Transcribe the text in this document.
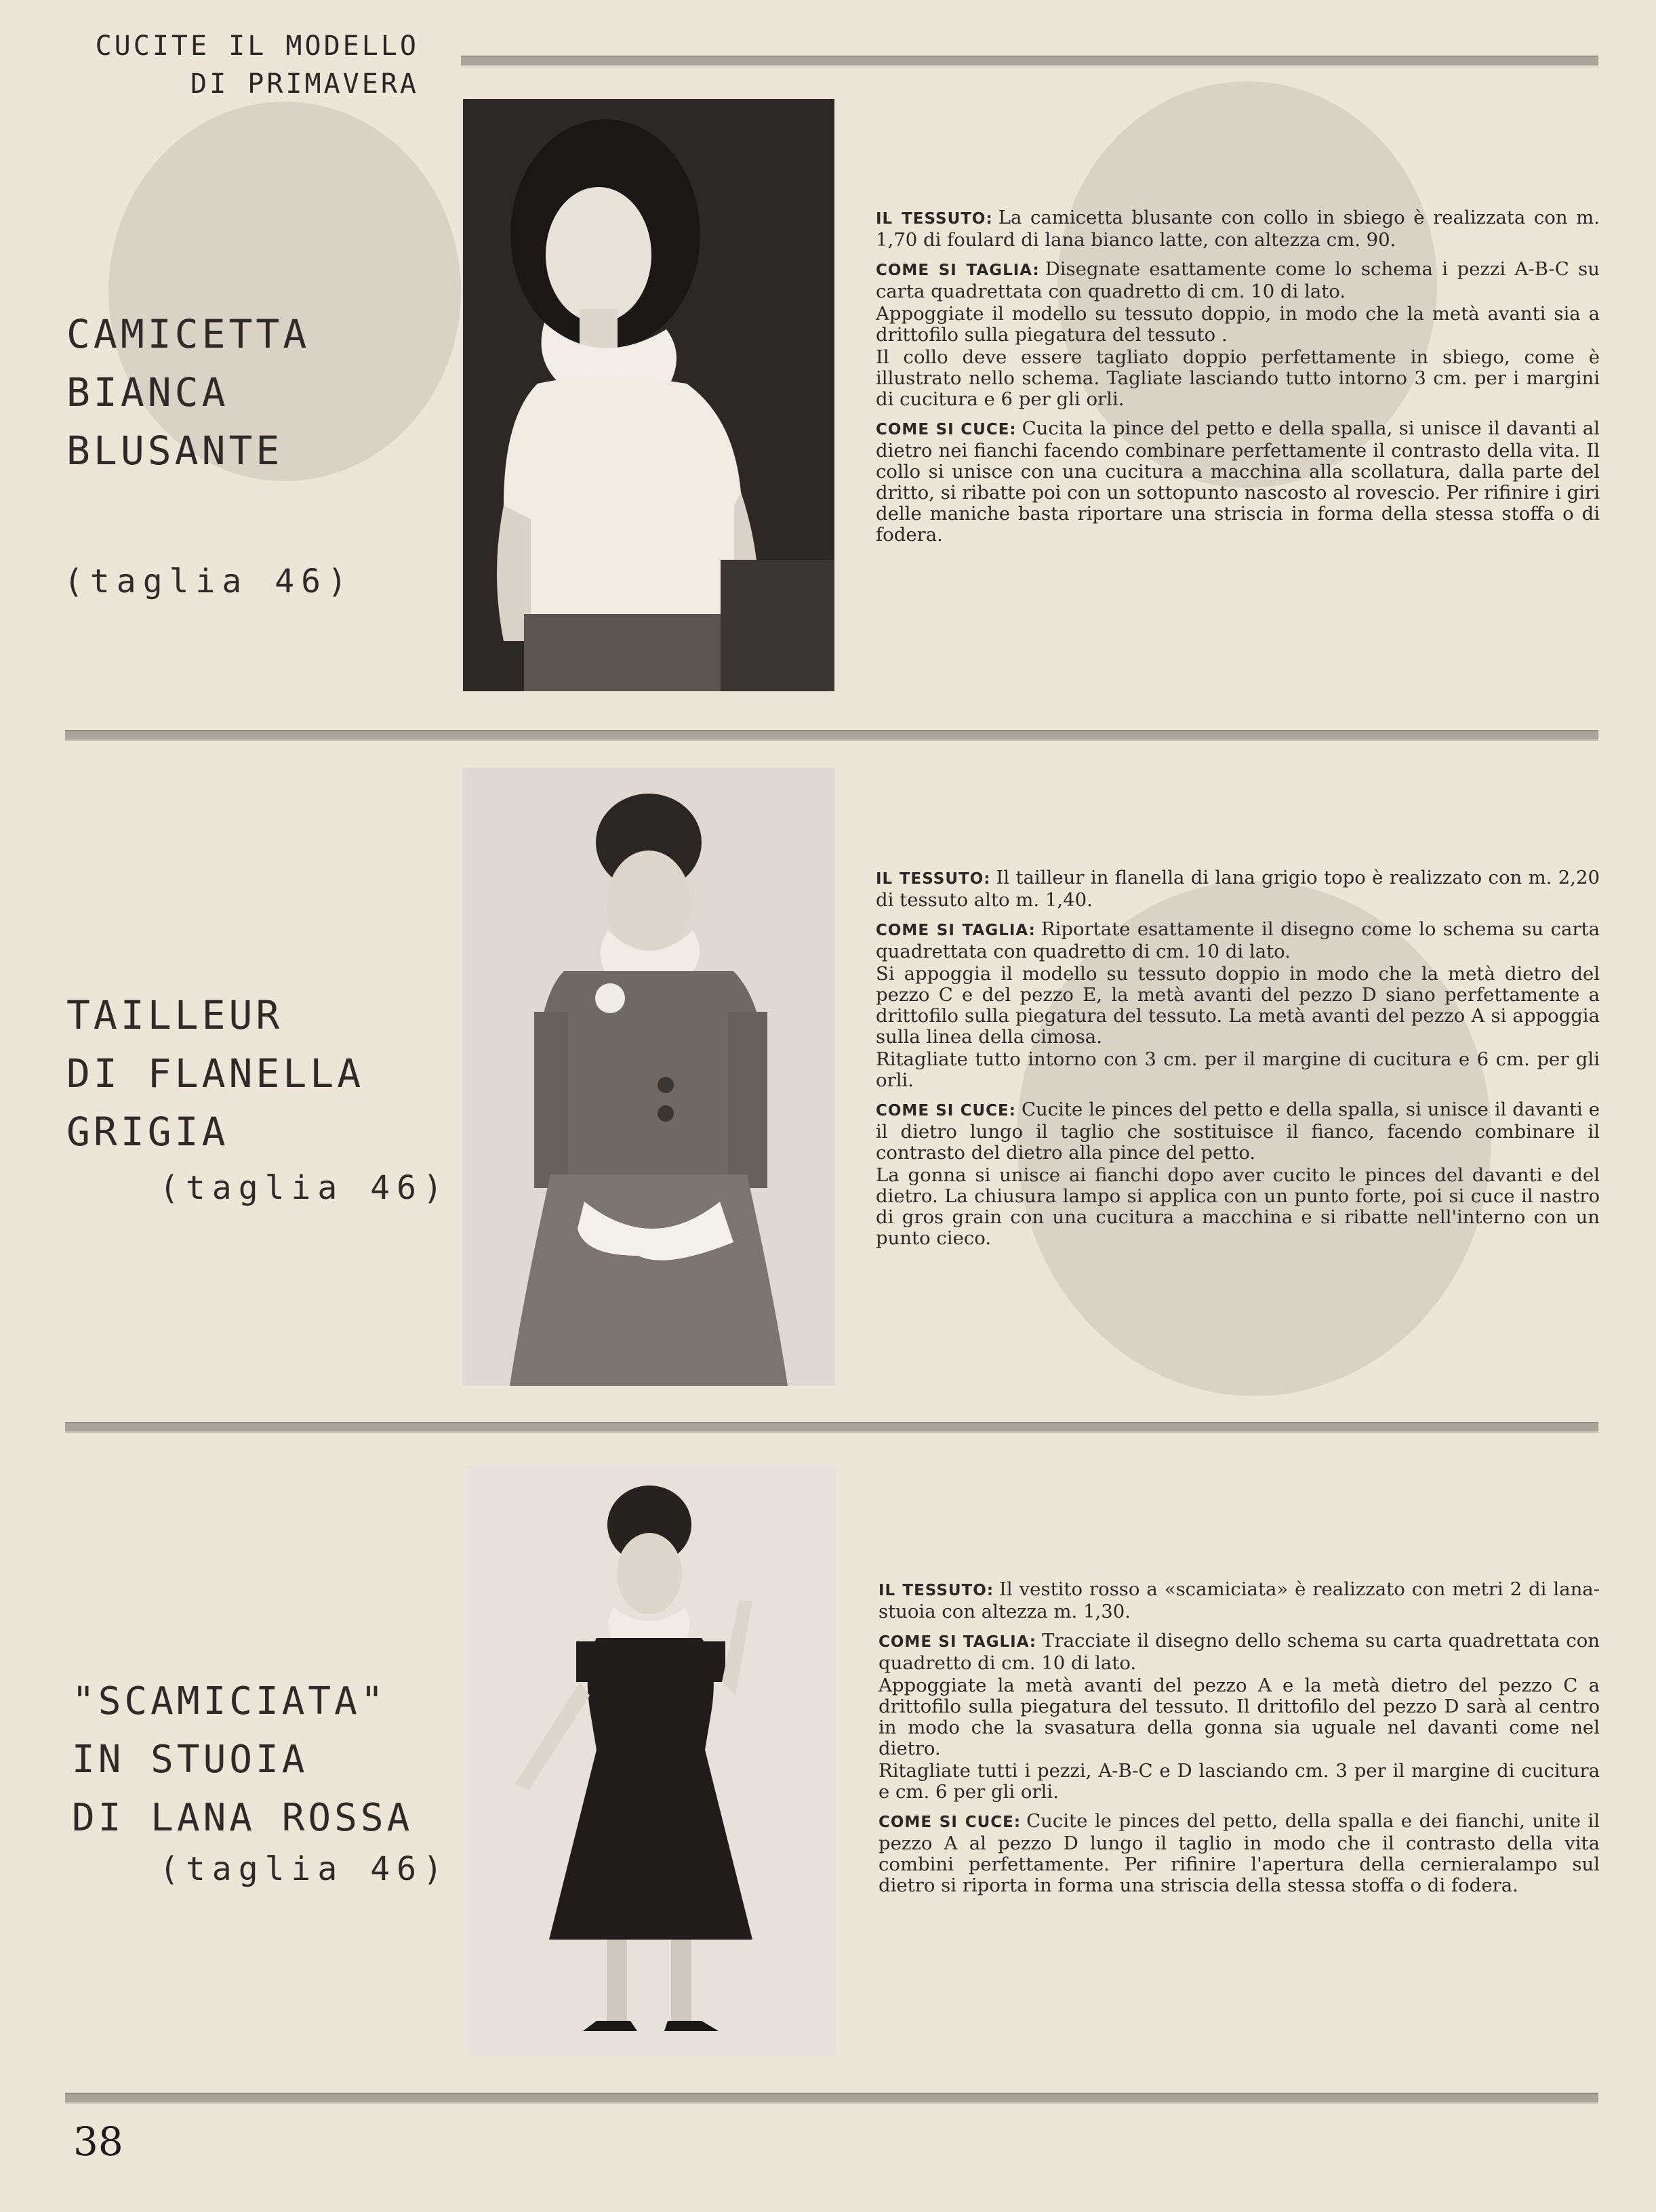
CUCITE IL MODELLO
DI PRIMAVERA
CAMICETTA
BIANCA
BLUSANTE
(taglia 46)

IL TESSUTO: La camicetta blusante con collo in sbiego è realizzata con m. 1,70 di foulard di lana bianco latte, con altezza cm. 90.

COME SI TAGLIA: Disegnate esattamente come lo schema i pezzi A-B-C su carta quadrettata con quadretto di cm. 10 di lato.

Appoggiate il modello su tessuto doppio, in modo che la metà avanti sia a drittofilo sulla piegatura del tessuto .

Il collo deve essere tagliato doppio perfettamente in sbiego, come è illustrato nello schema. Tagliate lasciando tutto intorno 3 cm. per i margini di cucitura e 6 per gli orli.

COME SI CUCE: Cucita la pince del petto e della spalla, si unisce il davanti al dietro nei fianchi facendo combinare perfettamente il contrasto della vita. Il collo si unisce con una cucitura a macchina alla scollatura, dalla parte del dritto, si ribatte poi con un sottopunto nascosto al rovescio. Per rifinire i giri delle maniche basta riportare una striscia in forma della stessa stoffa o di fodera.

TAILLEUR
DI FLANELLA
GRIGIA
(taglia 46)

IL TESSUTO: Il tailleur in flanella di lana grigio topo è realizzato con m. 2,20 di tessuto alto m. 1,40.

COME SI TAGLIA: Riportate esattamente il disegno come lo schema su carta quadrettata con quadretto di cm. 10 di lato.

Si appoggia il modello su tessuto doppio in modo che la metà dietro del pezzo C e del pezzo E, la metà avanti del pezzo D siano perfettamente a drittofilo sulla piegatura del tessuto. La metà avanti del pezzo A si appoggia sulla linea della cimosa.

Ritagliate tutto intorno con 3 cm. per il margine di cucitura e 6 cm. per gli orli.

COME SI CUCE: Cucite le pinces del petto e della spalla, si unisce il davanti e il dietro lungo il taglio che sostituisce il fianco, facendo combinare il contrasto del dietro alla pince del petto.

La gonna si unisce ai fianchi dopo aver cucito le pinces del davanti e del dietro. La chiusura lampo si applica con un punto forte, poi si cuce il nastro di gros grain con una cucitura a macchina e si ribatte nell'interno con un punto cieco.

"SCAMICIATA"
IN STUOIA
DI LANA ROSSA
(taglia 46)

IL TESSUTO: Il vestito rosso a «scamiciata» è realizzato con metri 2 di lana-stuoia con altezza m. 1,30.

COME SI TAGLIA: Tracciate il disegno dello schema su carta quadrettata con quadretto di cm. 10 di lato.

Appoggiate la metà avanti del pezzo A e la metà dietro del pezzo C a drittofilo sulla piegatura del tessuto. Il drittofilo del pezzo D sarà al centro in modo che la svasatura della gonna sia uguale nel davanti come nel dietro.

Ritagliate tutti i pezzi, A-B-C e D lasciando cm. 3 per il margine di cucitura e cm. 6 per gli orli.

COME SI CUCE: Cucite le pinces del petto, della spalla e dei fianchi, unite il pezzo A al pezzo D lungo il taglio in modo che il contrasto della vita combini perfettamente. Per rifinire l'apertura della cernieralampo sul dietro si riporta in forma una striscia della stessa stoffa o di fodera.

38
